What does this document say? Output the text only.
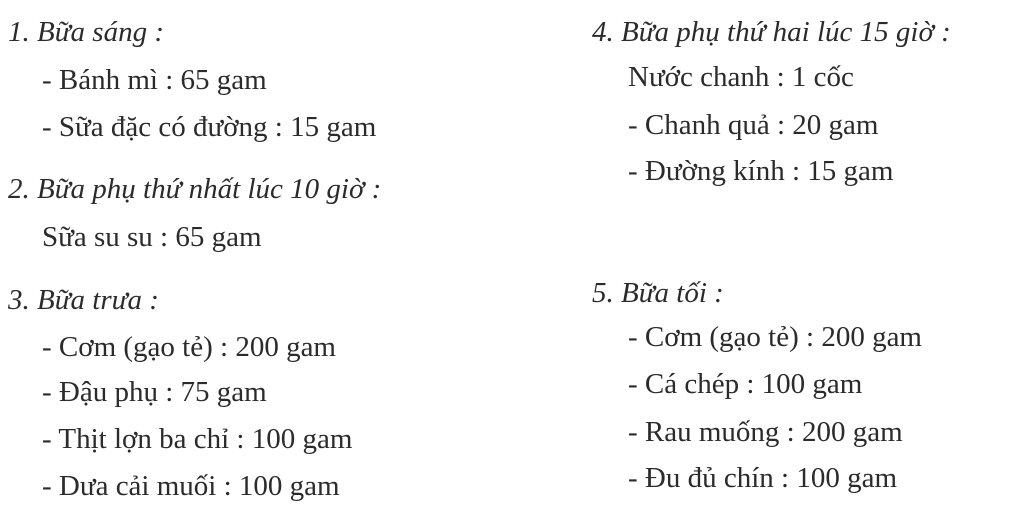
1. Bữa sáng :
- Bánh mì : 65 gam
- Sữa đặc có đường : 15 gam
2. Bữa phụ thứ nhất lúc 10 giờ :
Sữa su su : 65 gam
3. Bữa trưa :
- Cơm (gạo tẻ) : 200 gam
- Đậu phụ : 75 gam
- Thịt lợn ba chỉ : 100 gam
- Dưa cải muối : 100 gam
4. Bữa phụ thứ hai lúc 15 giờ :
Nước chanh : 1 cốc
- Chanh quả : 20 gam
- Đường kính : 15 gam
5. Bữa tối :
- Cơm (gạo tẻ) : 200 gam
- Cá chép : 100 gam
- Rau muống : 200 gam
- Đu đủ chín : 100 gam
